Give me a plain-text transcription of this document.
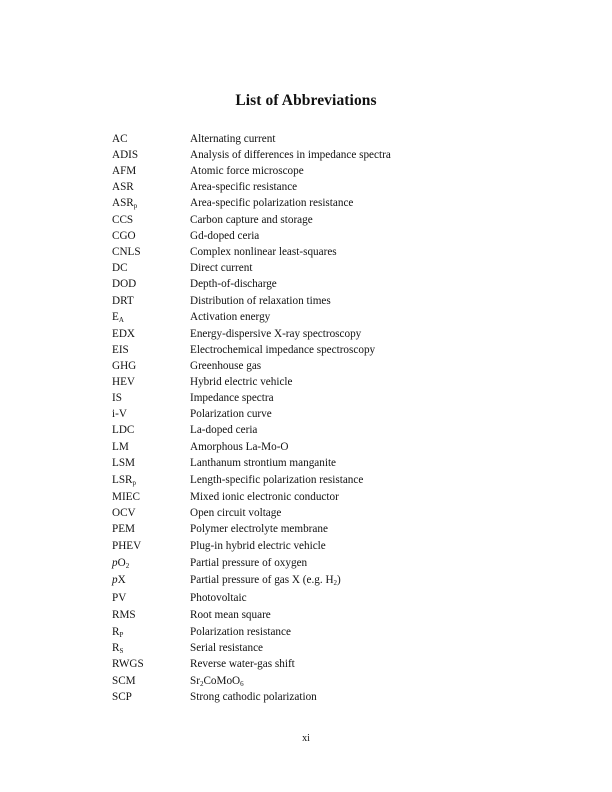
List of Abbreviations
AC	Alternating current
ADIS	Analysis of differences in impedance spectra
AFM	Atomic force microscope
ASR	Area-specific resistance
$ASR_p$	Area-specific polarization resistance
CCS	Carbon capture and storage
CGO	Gd-doped ceria
CNLS	Complex nonlinear least-squares
DC	Direct current
DOD	Depth-of-discharge
DRT	Distribution of relaxation times
$E_A$	Activation energy
EDX	Energy-dispersive X-ray spectroscopy
EIS	Electrochemical impedance spectroscopy
GHG	Greenhouse gas
HEV	Hybrid electric vehicle
IS	Impedance spectra
i-V	Polarization curve
LDC	La-doped ceria
LM	Amorphous La-Mo-O
LSM	Lanthanum strontium manganite
$LSR_p$	Length-specific polarization resistance
MIEC	Mixed ionic electronic conductor
OCV	Open circuit voltage
PEM	Polymer electrolyte membrane
PHEV	Plug-in hybrid electric vehicle
$pO_2$	Partial pressure of oxygen
pX	Partial pressure of gas X (e.g. $H_2$)
PV	Photovoltaic
RMS	Root mean square
$R_P$	Polarization resistance
$R_S$	Serial resistance
RWGS	Reverse water-gas shift
SCM	$Sr_2CoMoO_6$
SCP	Strong cathodic polarization
xi
